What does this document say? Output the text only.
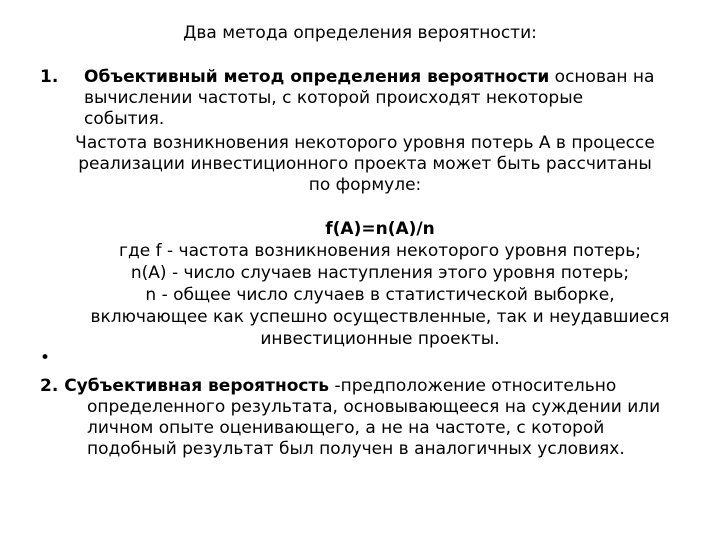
Два метода определения вероятности:
1. Объективный метод определения вероятности основан на
вычислении частоты, с которой происходят некоторые
события.
Частота возникновения некоторого уровня потерь А в процессе
реализации инвестиционного проекта может быть рассчитаны
по формуле:
f(A)=n(A)/n
где f - частота возникновения некоторого уровня потерь;
n(A) - число случаев наступления этого уровня потерь;
n - общее число случаев в статистической выборке,
включающее как успешно осуществленные, так и неудавшиеся
инвестиционные проекты.
•
2. Субъективная вероятность -предположение относительно
определенного результата, основывающееся на суждении или
личном опыте оценивающего, а не на частоте, с которой
подобный результат был получен в аналогичных условиях.
